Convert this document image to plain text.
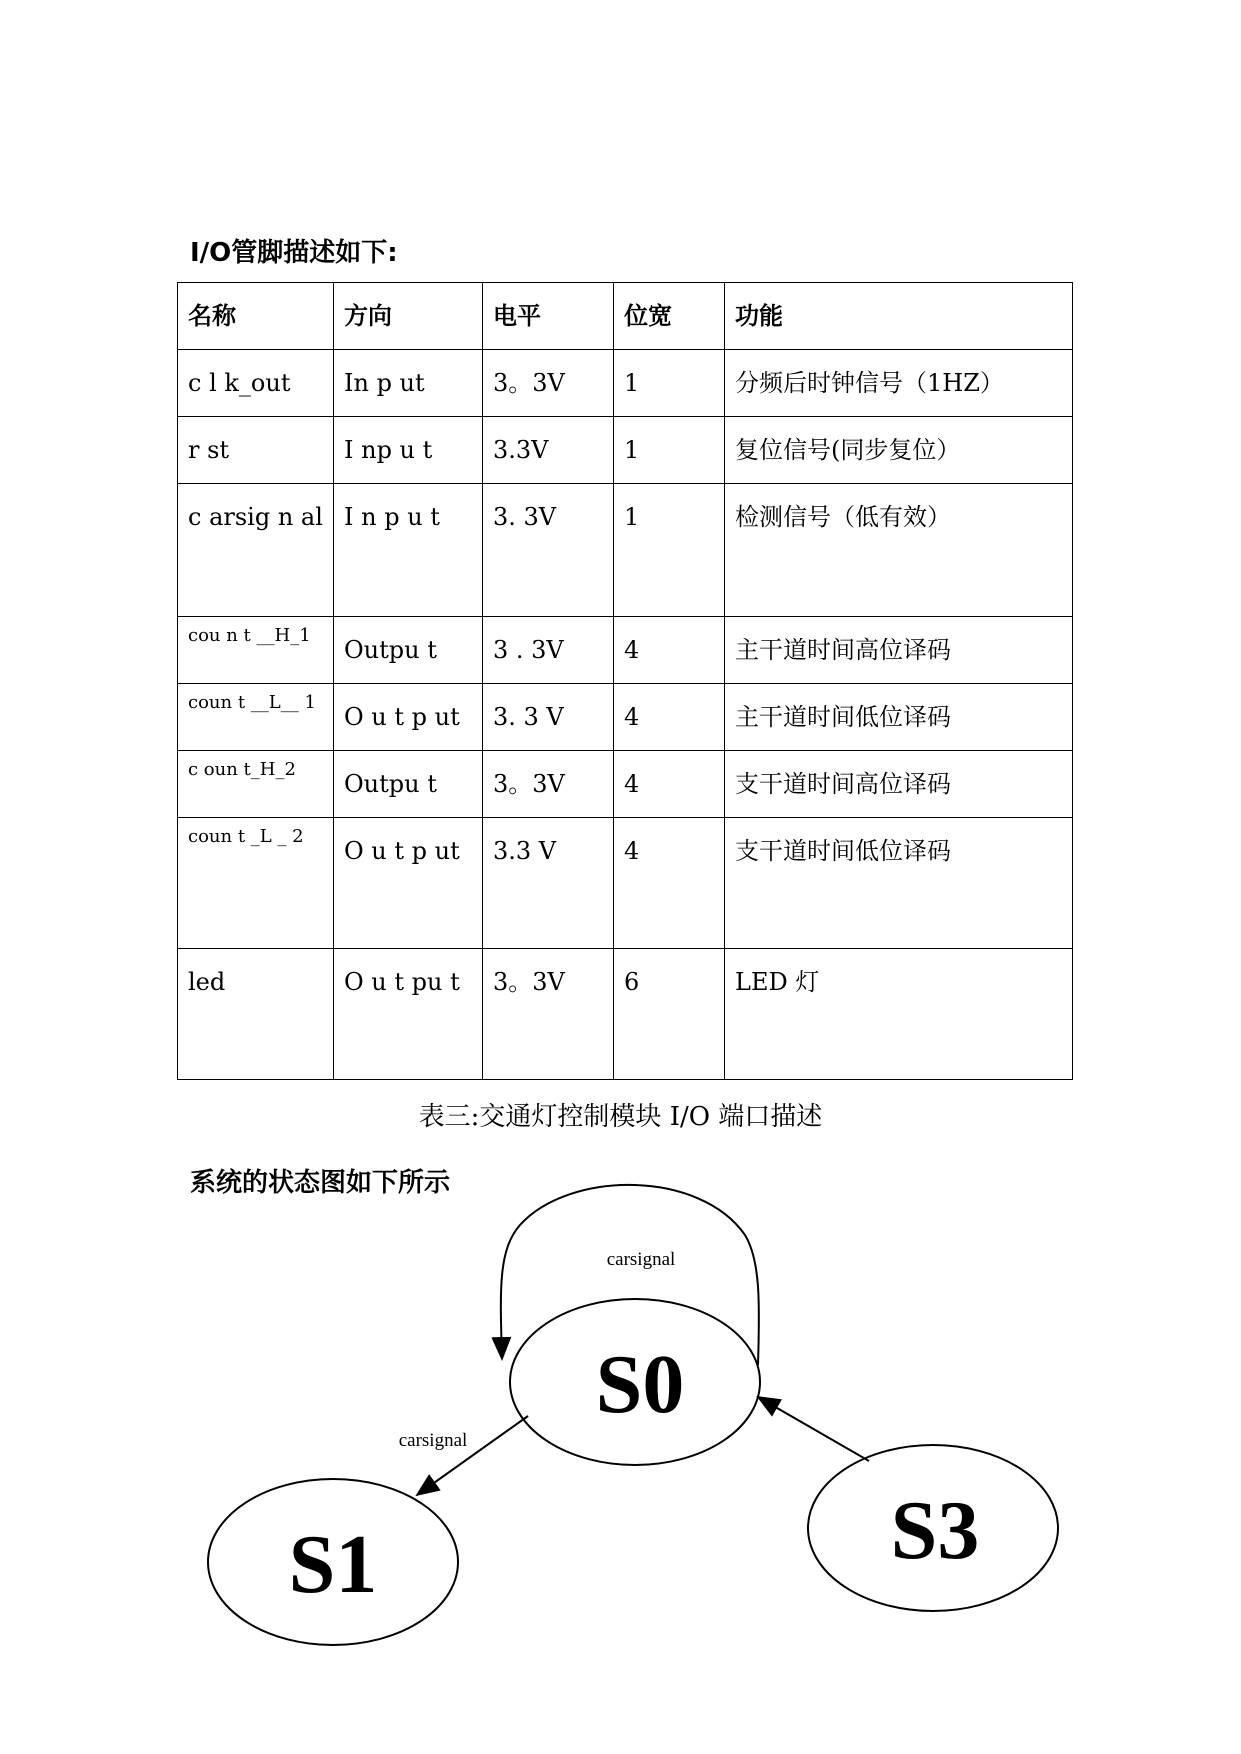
I/O管脚描述如下:
名称	方向	电平	位宽	功能
c l k_out	In p ut	3。3V	1	分频后时钟信号（1HZ）
r st	I np u t	3.3V	1	复位信号(同步复位）
c arsig n al	I n p u t	3. 3V	1	检测信号（低有效）
cou n t __H_1	Outpu t	3 . 3V	4	主干道时间高位译码
coun t __L__ 1	O u t p ut	3. 3 V	4	主干道时间低位译码
c oun t_H_2	Outpu t	3。3V	4	支干道时间高位译码
coun t _L _ 2	O u t p ut	3.3 V	4	支干道时间低位译码
led	O u t pu t	3。3V	6	LED 灯
表三:交通灯控制模块 I/O 端口描述
系统的状态图如下所示
carsignal
S0
S1	S3
carsignal
